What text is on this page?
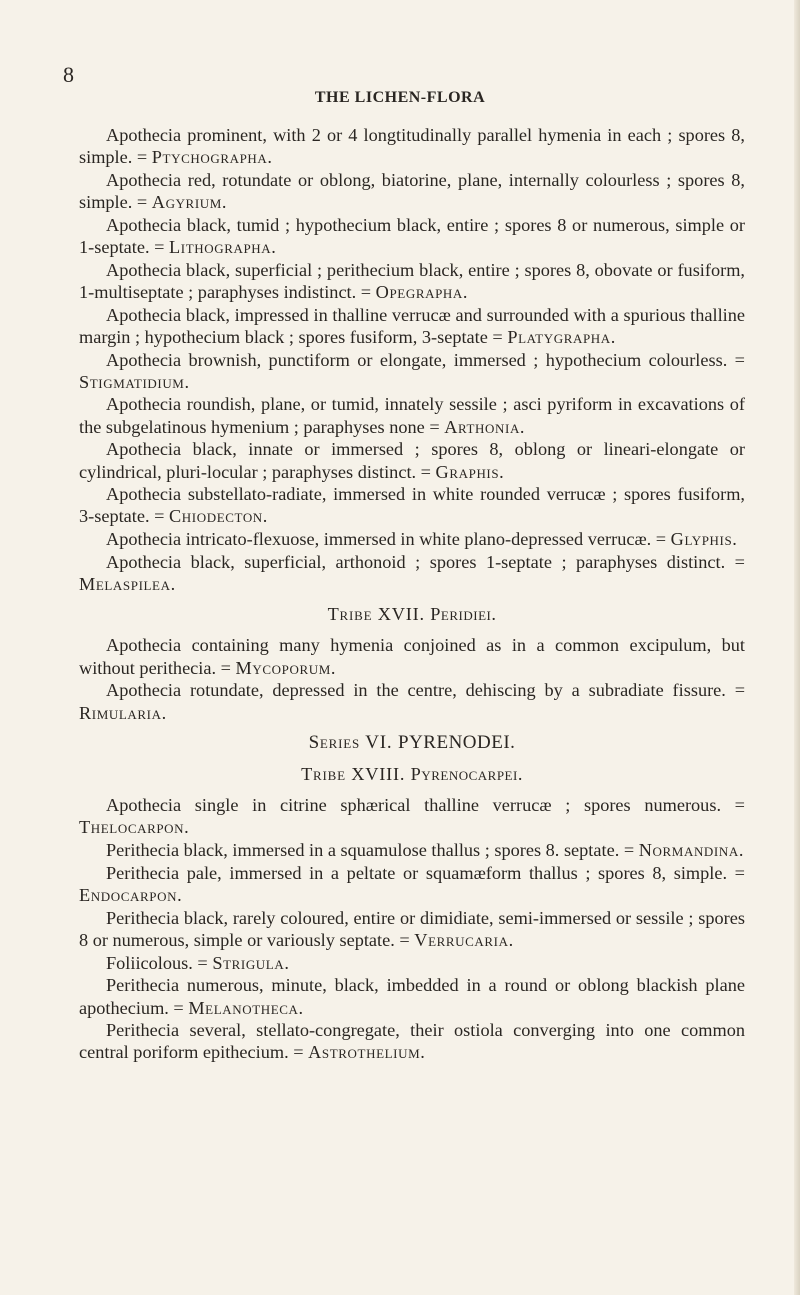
8
THE LICHEN-FLORA

Apothecia prominent, with 2 or 4 longtitudinally parallel hymenia in each ; spores 8, simple. = Ptychographa.

Apothecia red, rotundate or oblong, biatorine, plane, internally colourless ; spores 8, simple. = Agyrium.

Apothecia black, tumid ; hypothecium black, entire ; spores 8 or numerous, simple or 1-septate. = Lithographa.

Apothecia black, superficial ; perithecium black, entire ; spores 8, obovate or fusiform, 1-multiseptate ; paraphyses indistinct. = Opegrapha.

Apothecia black, impressed in thalline verrucæ and surrounded with a spurious thalline margin ; hypothecium black ; spores fusiform, 3-septate = Platygrapha.

Apothecia brownish, punctiform or elongate, immersed ; hypothecium colourless. = Stigmatidium.

Apothecia roundish, plane, or tumid, innately sessile ; asci pyriform in excavations of the subgelatinous hymenium ; paraphyses none = Arthonia.

Apothecia black, innate or immersed ; spores 8, oblong or lineari-elongate or cylindrical, pluri-locular ; paraphyses distinct. = Graphis.

Apothecia substellato-radiate, immersed in white rounded verrucæ ; spores fusiform, 3-septate. = Chiodecton.

Apothecia intricato-flexuose, immersed in white plano-depressed verrucæ. = Glyphis.

Apothecia black, superficial, arthonoid ; spores 1-septate ; paraphyses distinct. = Melaspilea.

Tribe XVII. Peridiei.

Apothecia containing many hymenia conjoined as in a common excipulum, but without perithecia. = Mycoporum.

Apothecia rotundate, depressed in the centre, dehiscing by a subradiate fissure. = Rimularia.

Series VI. PYRENODEI.
Tribe XVIII. Pyrenocarpei.

Apothecia single in citrine sphærical thalline verrucæ ; spores numerous. = Thelocarpon.

Perithecia black, immersed in a squamulose thallus ; spores 8. septate. = Normandina.

Perithecia pale, immersed in a peltate or squamæform thallus ; spores 8, simple. = Endocarpon.

Perithecia black, rarely coloured, entire or dimidiate, semi-immersed or sessile ; spores 8 or numerous, simple or variously septate. = Verrucaria.

Foliicolous. = Strigula.

Perithecia numerous, minute, black, imbedded in a round or oblong blackish plane apothecium. = Melanotheca.

Perithecia several, stellato-congregate, their ostiola converging into one common central poriform epithecium. = Astrothelium.
